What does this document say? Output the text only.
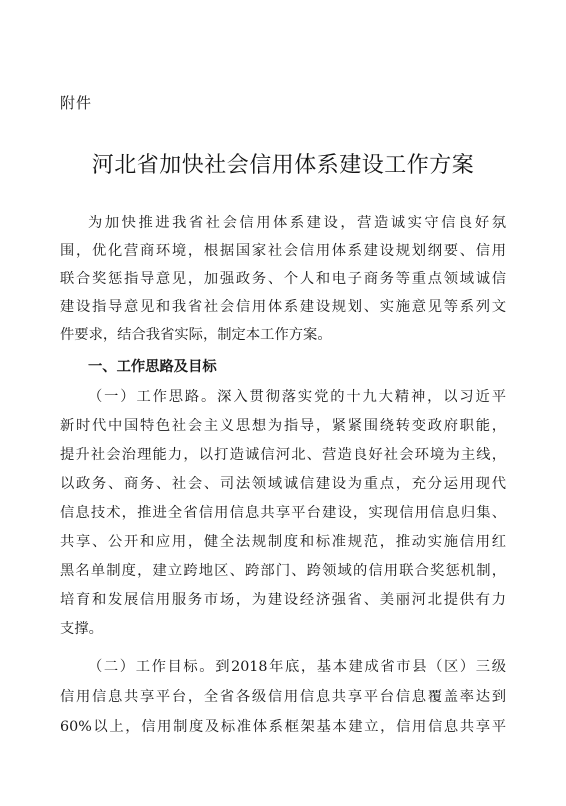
附件
河北省加快社会信用体系建设工作方案
为加快推进我省社会信用体系建设，营造诚实守信良好氛
围，优化营商环境，根据国家社会信用体系建设规划纲要、信用
联合奖惩指导意见，加强政务、个人和电子商务等重点领域诚信
建设指导意见和我省社会信用体系建设规划、实施意见等系列文
件要求，结合我省实际，制定本工作方案。
一、工作思路及目标
（一）工作思路。深入贯彻落实党的十九大精神，以习近平
新时代中国特色社会主义思想为指导，紧紧围绕转变政府职能，
提升社会治理能力，以打造诚信河北、营造良好社会环境为主线，
以政务、商务、社会、司法领域诚信建设为重点，充分运用现代
信息技术，推进全省信用信息共享平台建设，实现信用信息归集、
共享、公开和应用，健全法规制度和标准规范，推动实施信用红
黑名单制度，建立跨地区、跨部门、跨领域的信用联合奖惩机制，
培育和发展信用服务市场，为建设经济强省、美丽河北提供有力
支撑。
（二）工作目标。到2018年底，基本建成省市县（区）三级
信用信息共享平台，全省各级信用信息共享平台信息覆盖率达到
60%以上，信用制度及标准体系框架基本建立，信用信息共享平
